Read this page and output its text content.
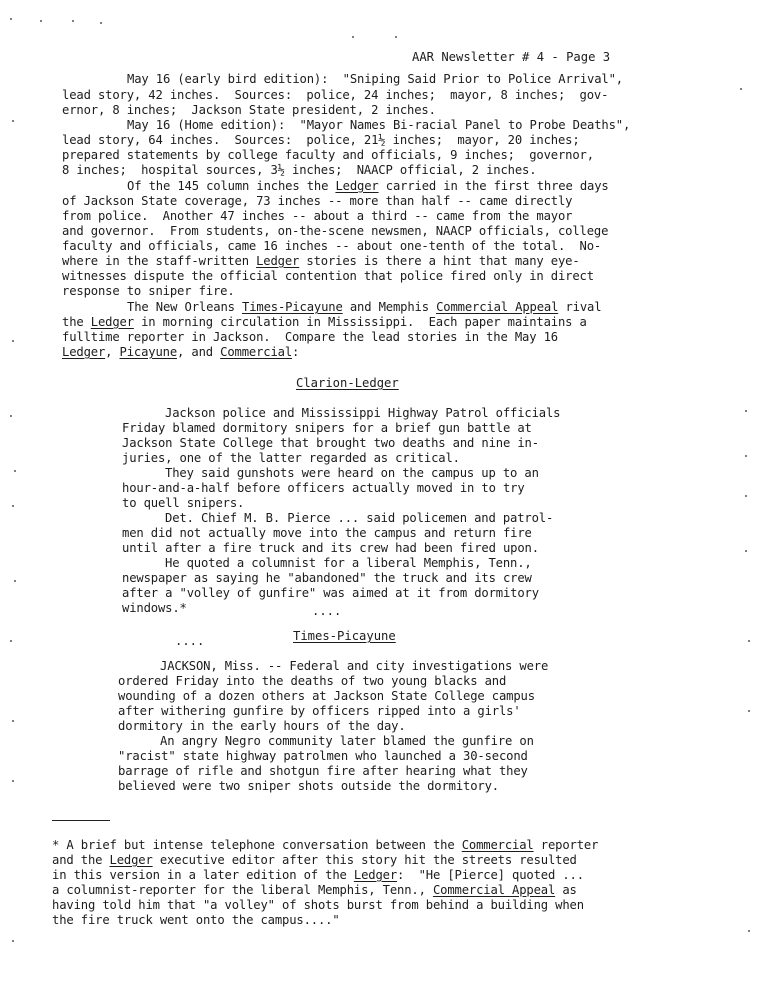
AAR Newsletter # 4 - Page 3
May 16 (early bird edition):  "Sniping Said Prior to Police Arrival",
lead story, 42 inches.  Sources:  police, 24 inches;  mayor, 8 inches;  gov-
ernor, 8 inches;  Jackson State president, 2 inches.
May 16 (Home edition):  "Mayor Names Bi-racial Panel to Probe Deaths",
lead story, 64 inches.  Sources:  police, 21½ inches;  mayor, 20 inches;
prepared statements by college faculty and officials, 9 inches;  governor,
8 inches;  hospital sources, 3½ inches;  NAACP official, 2 inches.
Of the 145 column inches the Ledger carried in the first three days
of Jackson State coverage, 73 inches -- more than half -- came directly
from police.  Another 47 inches -- about a third -- came from the mayor
and governor.  From students, on-the-scene newsmen, NAACP officials, college
faculty and officials, came 16 inches -- about one-tenth of the total.  No-
where in the staff-written Ledger stories is there a hint that many eye-
witnesses dispute the official contention that police fired only in direct
response to sniper fire.
The New Orleans Times-Picayune and Memphis Commercial Appeal rival
the Ledger in morning circulation in Mississippi.  Each paper maintains a
fulltime reporter in Jackson.  Compare the lead stories in the May 16
Ledger, Picayune, and Commercial:
Jackson police and Mississippi Highway Patrol officials
Friday blamed dormitory snipers for a brief gun battle at
Jackson State College that brought two deaths and nine in-
juries, one of the latter regarded as critical.
They said gunshots were heard on the campus up to an
hour-and-a-half before officers actually moved in to try
to quell snipers.
Det. Chief M. B. Pierce ... said policemen and patrol-
men did not actually move into the campus and return fire
until after a fire truck and its crew had been fired upon.
He quoted a columnist for a liberal Memphis, Tenn.,
newspaper as saying he "abandoned" the truck and its crew
after a "volley of gunfire" was aimed at it from dormitory
windows.*
JACKSON, Miss. -- Federal and city investigations were
ordered Friday into the deaths of two young blacks and
wounding of a dozen others at Jackson State College campus
after withering gunfire by officers ripped into a girls'
dormitory in the early hours of the day.
An angry Negro community later blamed the gunfire on
"racist" state highway patrolmen who launched a 30-second
barrage of rifle and shotgun fire after hearing what they
believed were two sniper shots outside the dormitory.
* A brief but intense telephone conversation between the Commercial reporter
and the Ledger executive editor after this story hit the streets resulted
in this version in a later edition of the Ledger:  "He [Pierce] quoted ...
a columnist-reporter for the liberal Memphis, Tenn., Commercial Appeal as
having told him that "a volley" of shots burst from behind a building when
the fire truck went onto the campus...."
Clarion-Ledger
Times-Picayune
....
....
